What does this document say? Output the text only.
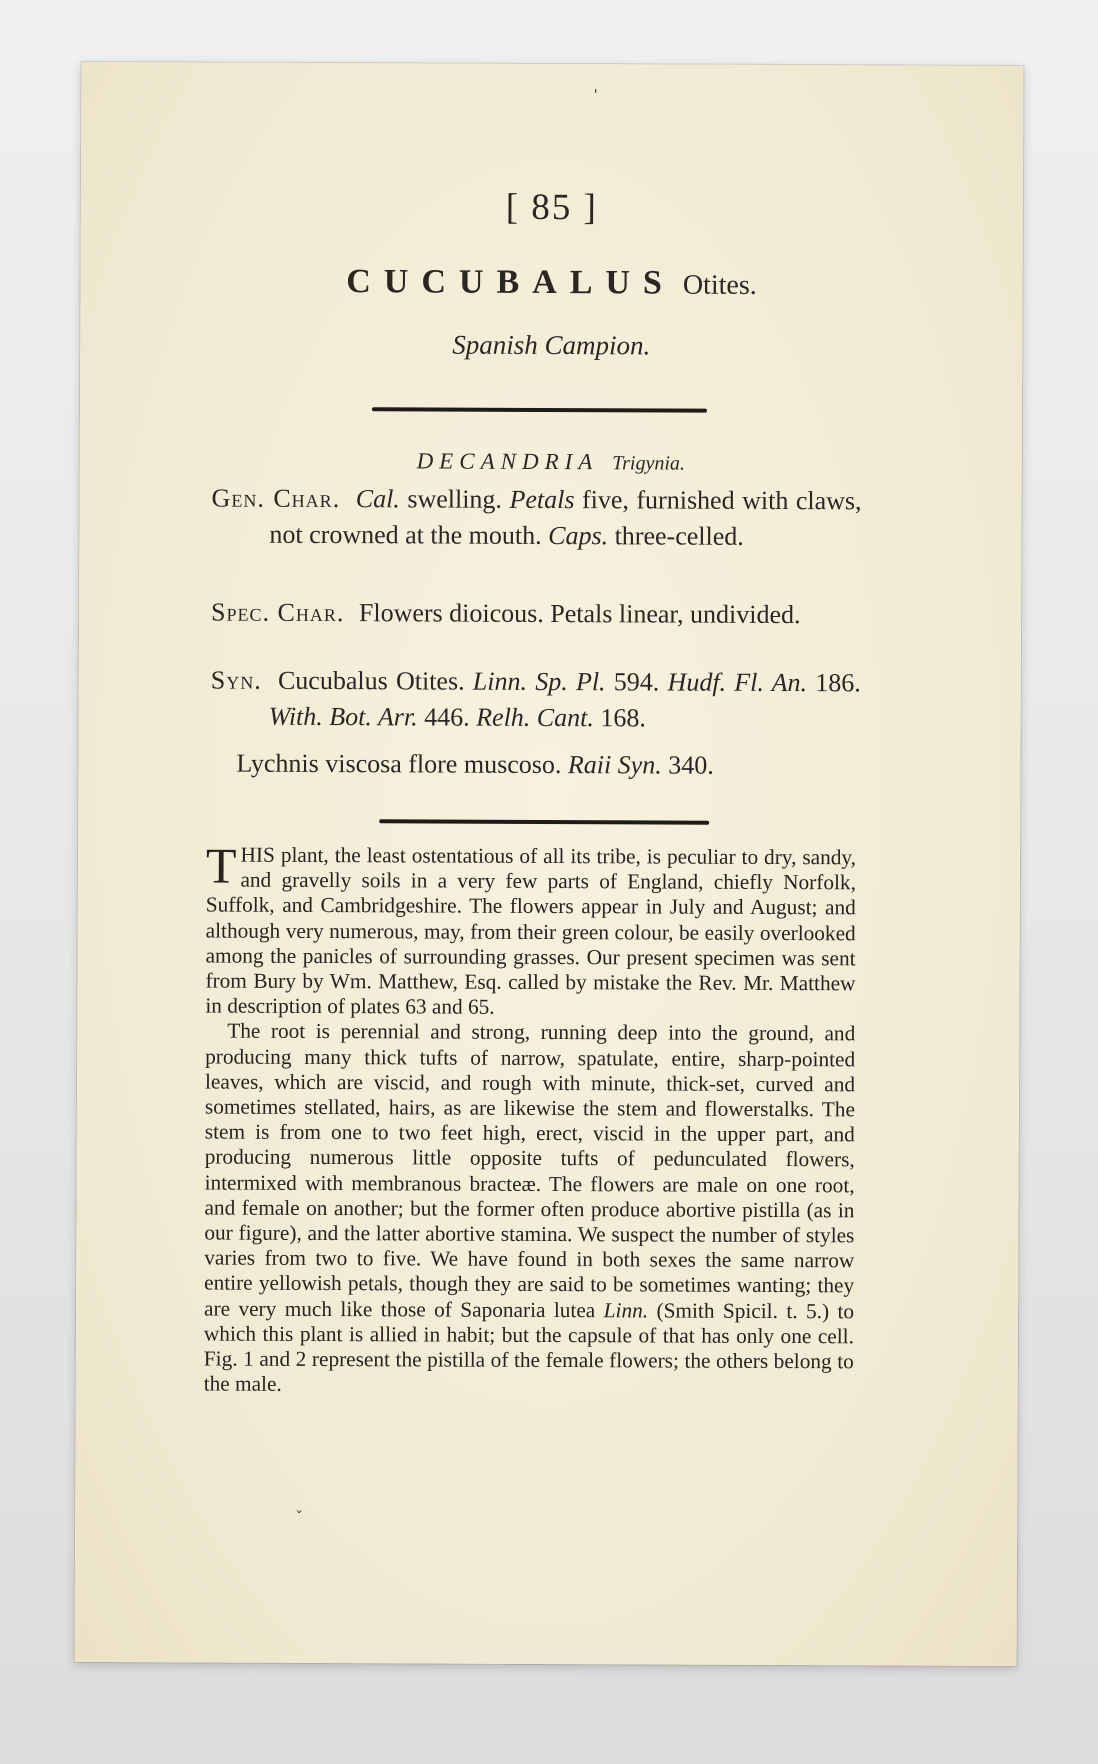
[ 85 ]
CUCUBALUS Otites.
Spanish Campion.
DECANDRIA Trigynia.
Gen. Char. Cal. swelling. Petals five, furnished with claws, not crowned at the mouth. Caps. three-celled.
Spec. Char. Flowers dioicous. Petals linear, undivided.
Syn. Cucubalus Otites. Linn. Sp. Pl. 594. Hudf. Fl. An. 186. With. Bot. Arr. 446. Relh. Cant. 168.
Lychnis viscosa flore muscoso. Raii Syn. 340.

THIS plant, the least ostentatious of all its tribe, is peculiar to dry, sandy, and gravelly soils in a very few parts of England, chiefly Norfolk, Suffolk, and Cambridgeshire. The flowers appear in July and August; and although very numerous, may, from their green colour, be easily overlooked among the panicles of surrounding grasses. Our present specimen was sent from Bury by Wm. Matthew, Esq. called by mistake the Rev. Mr. Matthew in description of plates 63 and 65.

The root is perennial and strong, running deep into the ground, and producing many thick tufts of narrow, spatulate, entire, sharp-pointed leaves, which are viscid, and rough with minute, thick-set, curved and sometimes stellated, hairs, as are likewise the stem and flowerstalks. The stem is from one to two feet high, erect, viscid in the upper part, and producing numerous little opposite tufts of pedunculated flowers, intermixed with membranous bracteæ. The flowers are male on one root, and female on another; but the former often produce abortive pistilla (as in our figure), and the latter abortive stamina. We suspect the number of styles varies from two to five. We have found in both sexes the same narrow entire yellowish petals, though they are said to be sometimes wanting; they are very much like those of Saponaria lutea Linn. (Smith Spicil. t. 5.) to which this plant is allied in habit; but the capsule of that has only one cell. Fig. 1 and 2 represent the pistilla of the female flowers; the others belong to the male.

ˈ
ˇ
